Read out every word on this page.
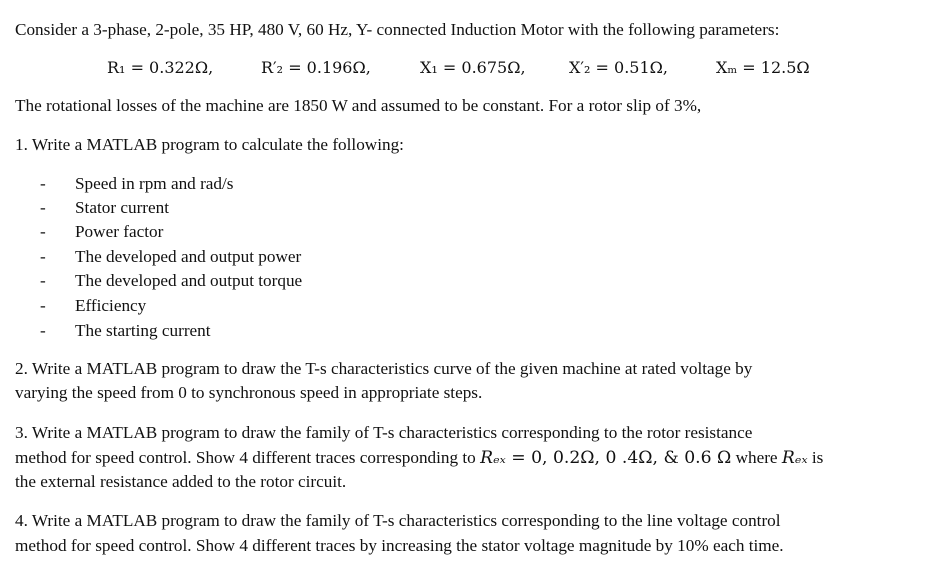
Consider a 3-phase, 2-pole, 35 HP, 480 V, 60 Hz, Y- connected Induction Motor with the following parameters:
R₁ = 0.322Ω,	R′₂ = 0.196Ω,	X₁ = 0.675Ω,	X′₂ = 0.51Ω,	Xₘ = 12.5Ω
The rotational losses of the machine are 1850 W and assumed to be constant. For a rotor slip of 3%,
1. Write a MATLAB program to calculate the following:
- Speed in rpm and rad/s
- Stator current
- Power factor
- The developed and output power
- The developed and output torque
- Efficiency
- The starting current
2. Write a MATLAB program to draw the T-s characteristics curve of the given machine at rated voltage by
varying the speed from 0 to synchronous speed in appropriate steps.
3. Write a MATLAB program to draw the family of T-s characteristics corresponding to the rotor resistance
method for speed control. Show 4 different traces corresponding to Rₑₓ = 0, 0.2Ω, 0 .4Ω, & 0.6 Ω where Rₑₓ is
the external resistance added to the rotor circuit.
4. Write a MATLAB program to draw the family of T-s characteristics corresponding to the line voltage control
method for speed control. Show 4 different traces by increasing the stator voltage magnitude by 10% each time.
